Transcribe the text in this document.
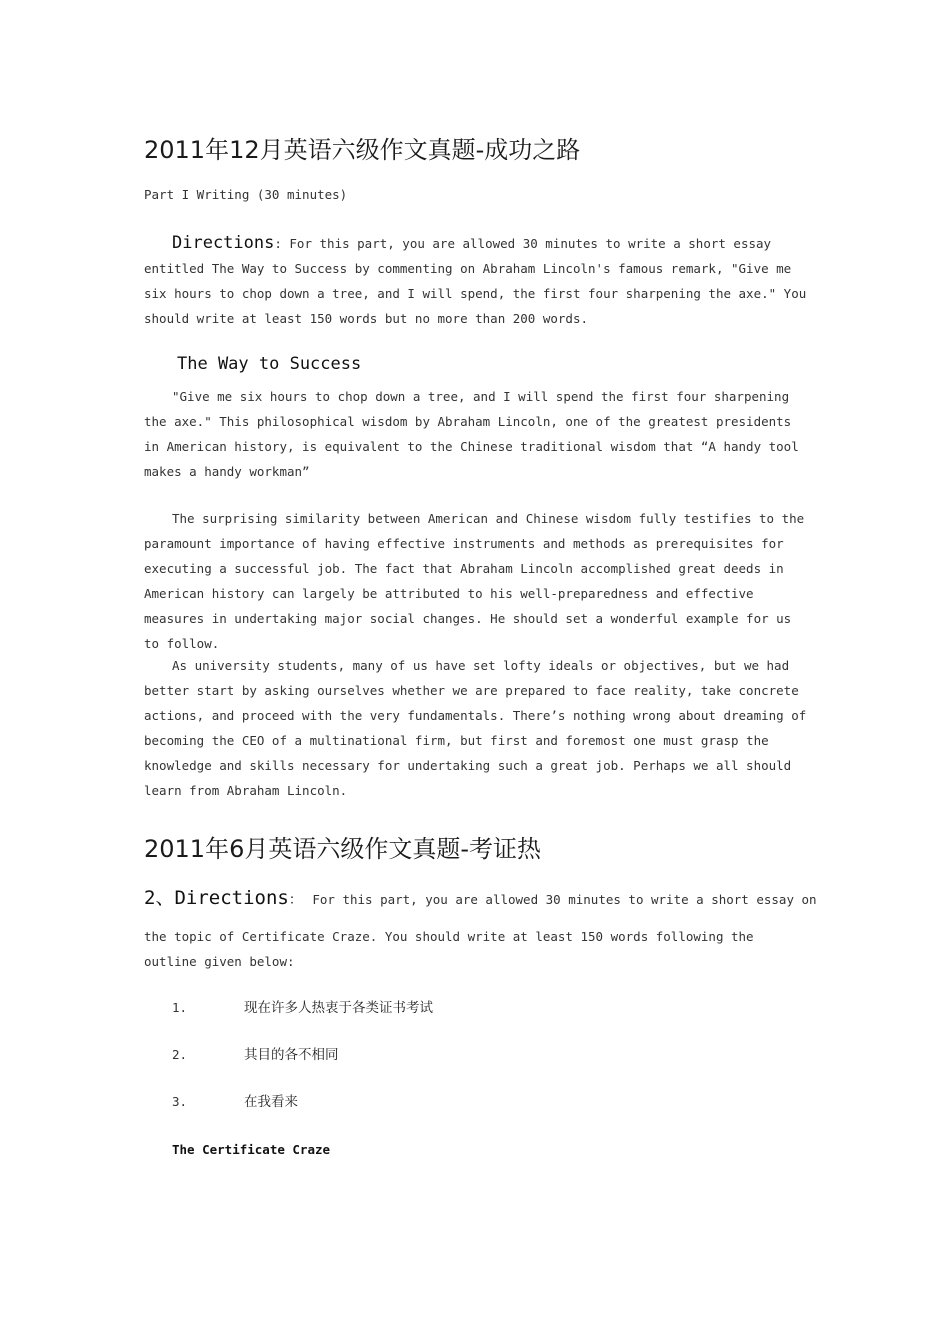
2011年12月英语六级作文真题-成功之路
Part I Writing (30 minutes)

Directions: For this part, you are allowed 30 minutes to write a short essay entitled The Way to Success by commenting on Abraham Lincoln's famous remark, "Give me six hours to chop down a tree, and I will spend, the first four sharpening the axe." You should write at least 150 words but no more than 200 words.

The Way to Success

"Give me six hours to chop down a tree, and I will spend the first four sharpening the axe." This philosophical wisdom by Abraham Lincoln, one of the greatest presidents in American history, is equivalent to the Chinese traditional wisdom that “A handy tool makes a handy workman”

The surprising similarity between American and Chinese wisdom fully testifies to the paramount importance of having effective instruments and methods as prerequisites for executing a successful job. The fact that Abraham Lincoln accomplished great deeds in American history can largely be attributed to his well-preparedness and effective measures in undertaking major social changes. He should set a wonderful example for us to follow.

As university students, many of us have set lofty ideals or objectives, but we had better start by asking ourselves whether we are prepared to face reality, take concrete actions, and proceed with the very fundamentals. There’s nothing wrong about dreaming of becoming the CEO of a multinational firm, but first and foremost one must grasp the knowledge and skills necessary for undertaking such a great job. Perhaps we all should learn from Abraham Lincoln.

2011年6月英语六级作文真题-考证热
2、Directions： For this part, you are allowed 30 minutes to write a short essay on

the topic of Certificate Craze. You should write at least 150 words following the outline given below:

1.	现在许多人热衷于各类证书考试
2.	其目的各不相同
3.	在我看来
The Certificate Craze
